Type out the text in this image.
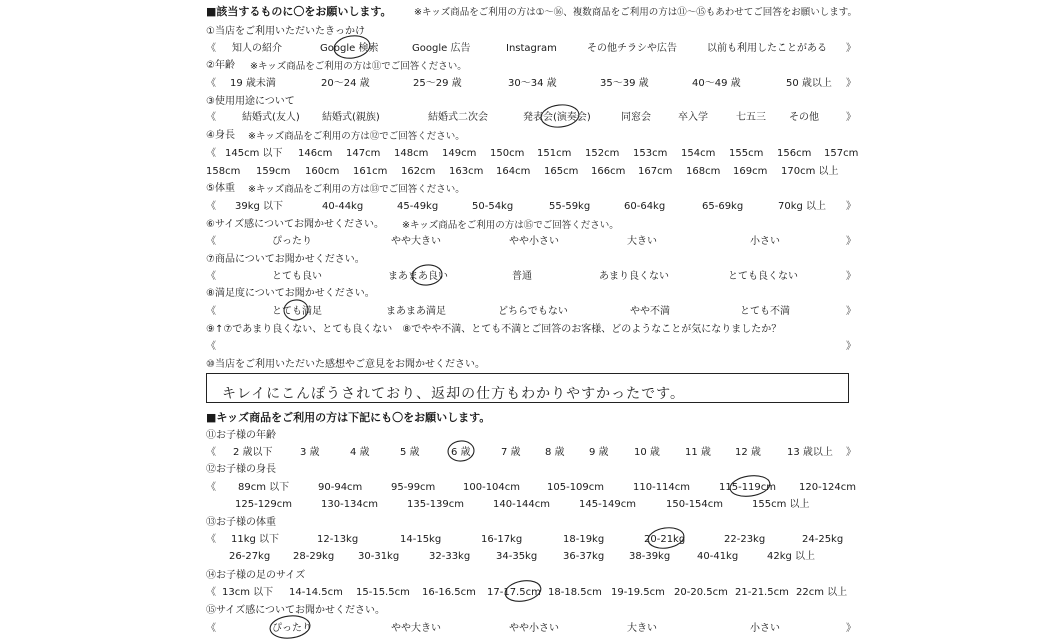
■該当するものに〇をお願いします。 ※キッズ商品をご利用の方は①〜⑯、複数商品をご利用の方は⑪〜⑮もあわせてご回答をお願いします。
①当店をご利用いただいたきっかけ
《 知人の紹介	Google 検索	Google 広告	Instagram	その他チラシや広告	以前も利用したことがある 》
②年齢 ※キッズ商品をご利用の方は⑪でご回答ください。
《 19 歳未満	20〜24 歳	25〜29 歳	30〜34 歳	35〜39 歳	40〜49 歳	50 歳以上 》
③使用用途について
《	結婚式(友人) 結婚式(親族)	結婚式二次会	発表会(演奏会)	同窓会	卒入学	七五三 その他	》
④身長 ※キッズ商品をご利用の方は⑫でご回答ください。
《 145cm 以下 146cm 147cm 148cm 149cm 150cm 151cm 152cm 153cm 154cm 155cm 156cm 157cm
158cm 159cm 160cm 161cm 162cm 163cm 164cm 165cm 166cm 167cm 168cm 169cm 170cm 以上
⑤体重 ※キッズ商品をご利用の方は⑬でご回答ください。
《 39kg 以下	40-44kg	45-49kg	50-54kg	55-59kg	60-64kg	65-69kg	70kg 以上 》
⑥サイズ感についてお聞かせください。 ※キッズ商品をご利用の方は⑮でご回答ください。
《	ぴったり	やや大きい	やや小さい	大きい	小さい	》
⑦商品についてお聞かせください。
《	とても良い	まあまあ良い	普通	あまり良くない	とても良くない	》
⑧満足度についてお聞かせください。
《	とても満足	まあまあ満足	どちらでもない	やや不満	とても不満	》
⑨↑⑦であまり良くない、とても良くない　⑧でやや不満、とても不満とご回答のお客様、どのようなことが気になりましたか？
《	》
⑩当店をご利用いただいた感想やご意見をお聞かせください。
キレイにこんぽうされており、返却の仕方もわかりやすかったです。
■キッズ商品をご利用の方は下記にも〇をお願いします。
⑪お子様の年齢
《 2 歳以下	3 歳	4 歳	5 歳	6 歳	7 歳 8 歳 9 歳	10 歳	11 歳 12 歳	13 歳以上 》
⑫お子様の身長
《 89cm 以下	90-94cm	95-99cm	100-104cm	105-109cm	110-114cm	115-119cm 120-124cm
125-129cm	130-134cm	135-139cm	140-144cm	145-149cm	150-154cm	155cm 以上
⑬お子様の体重
《 11kg 以下	12-13kg	14-15kg	16-17kg	18-19kg	20-21kg	22-23kg	24-25kg
26-27kg 28-29kg 30-31kg	32-33kg	34-35kg	36-37kg 38-39kg	40-41kg	42kg 以上
⑭お子様の足のサイズ
《 13cm 以下 14-14.5cm 15-15.5cm 16-16.5cm 17-17.5cm 18-18.5cm 19-19.5cm 20-20.5cm 21-21.5cm 22cm 以上
⑮サイズ感についてお聞かせください。
《	ぴったり	やや大きい	やや小さい	大きい	小さい	》
